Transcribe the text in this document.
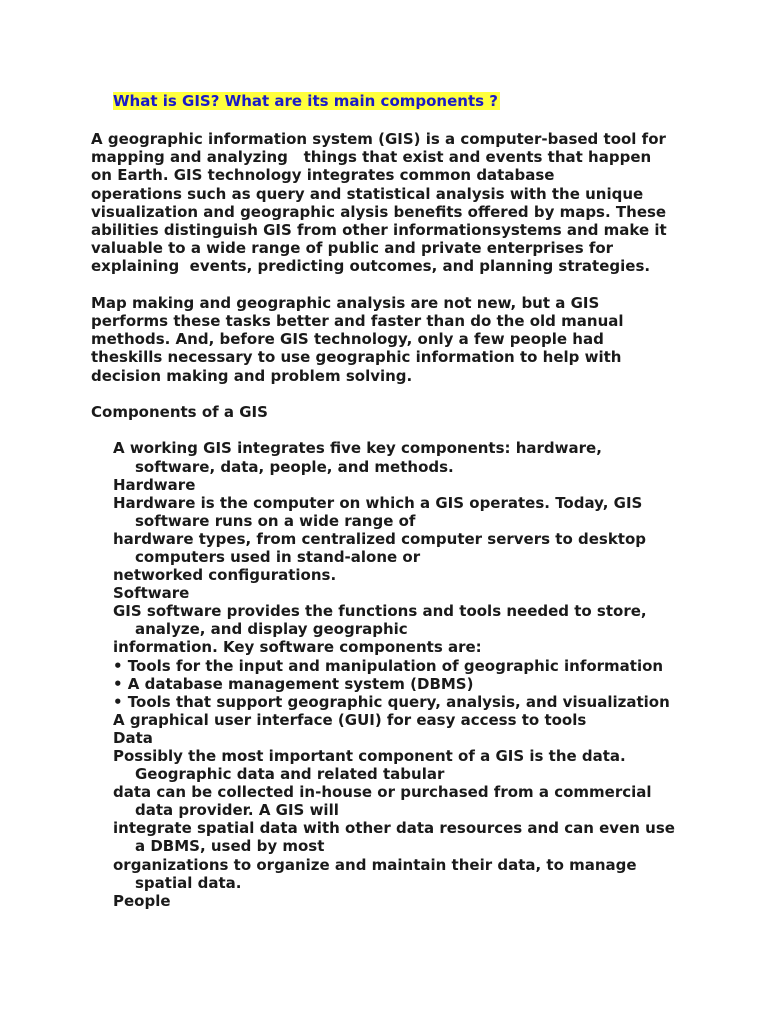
What is GIS? What are its main components ?
A geographic information system (GIS) is a computer-based tool for
mapping and analyzing   things that exist and events that happen
on Earth. GIS technology integrates common database
operations such as query and statistical analysis with the unique
visualization and geographic alysis benefits offered by maps. These
abilities distinguish GIS from other informationsystems and make it
valuable to a wide range of public and private enterprises for
explaining  events, predicting outcomes, and planning strategies.
Map making and geographic analysis are not new, but a GIS
performs these tasks better and faster than do the old manual
methods. And, before GIS technology, only a few people had
theskills necessary to use geographic information to help with
decision making and problem solving.
Components of a GIS
A working GIS integrates five key components: hardware,
software, data, people, and methods.
Hardware
Hardware is the computer on which a GIS operates. Today, GIS
software runs on a wide range of
hardware types, from centralized computer servers to desktop
computers used in stand-alone or
networked configurations.
Software
GIS software provides the functions and tools needed to store,
analyze, and display geographic
information. Key software components are:
• Tools for the input and manipulation of geographic information
• A database management system (DBMS)
• Tools that support geographic query, analysis, and visualization
A graphical user interface (GUI) for easy access to tools
Data
Possibly the most important component of a GIS is the data.
Geographic data and related tabular
data can be collected in-house or purchased from a commercial
data provider. A GIS will
integrate spatial data with other data resources and can even use
a DBMS, used by most
organizations to organize and maintain their data, to manage
spatial data.
People
